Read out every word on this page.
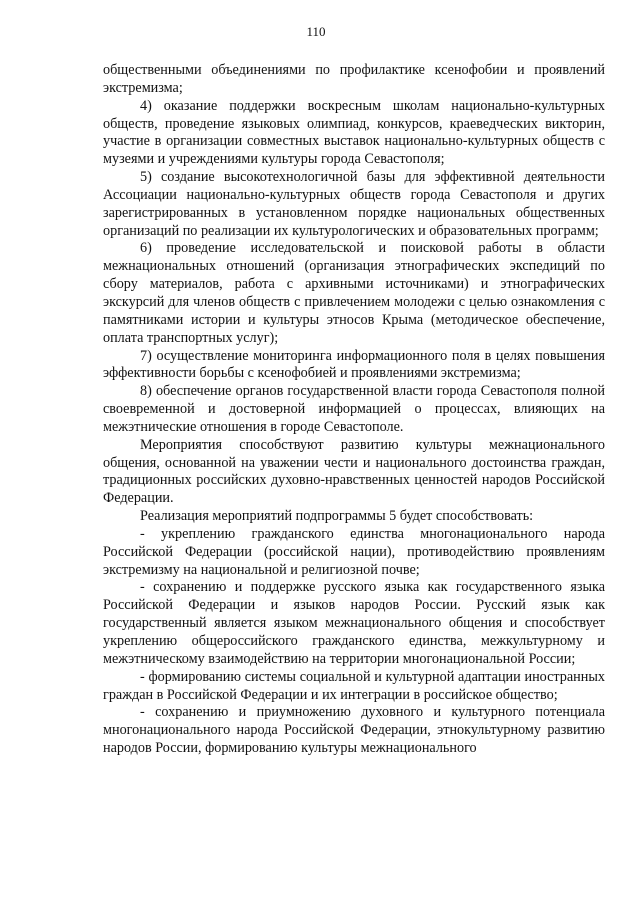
110

общественными объединениями по профилактике ксенофобии и проявлений экстремизма;

4) оказание поддержки воскресным школам национально-культурных обществ, проведение языковых олимпиад, конкурсов, краеведческих викторин, участие в организации совместных выставок национально-культурных обществ с музеями и учреждениями культуры города Севастополя;

5) создание высокотехнологичной базы для эффективной деятельности Ассоциации национально-культурных обществ города Севастополя и других зарегистрированных в установленном порядке национальных общественных организаций по реализации их культурологических и образовательных программ;

6) проведение исследовательской и поисковой работы в области межнациональных отношений (организация этнографических экспедиций по сбору материалов, работа с архивными источниками) и этнографических экскурсий для членов обществ с привлечением молодежи с целью ознакомления с памятниками истории и культуры этносов Крыма (методическое обеспечение, оплата транспортных услуг);

7) осуществление мониторинга информационного поля в целях повышения эффективности борьбы с ксенофобией и проявлениями экстремизма;

8) обеспечение органов государственной власти города Севастополя полной своевременной и достоверной информацией о процессах, влияющих на межэтнические отношения в городе Севастополе.

Мероприятия способствуют развитию культуры межнационального общения, основанной на уважении чести и национального достоинства граждан, традиционных российских духовно-нравственных ценностей народов Российской Федерации.

Реализация мероприятий подпрограммы 5 будет способствовать:

- укреплению гражданского единства многонационального народа Российской Федерации (российской нации), противодействию проявлениям экстремизму на национальной и религиозной почве;

- сохранению и поддержке русского языка как государственного языка Российской Федерации и языков народов России. Русский язык как государственный является языком межнационального общения и способствует укреплению общероссийского гражданского единства, межкультурному и межэтническому взаимодействию на территории многонациональной России;

- формированию системы социальной и культурной адаптации иностранных граждан в Российской Федерации и их интеграции в российское общество;

- сохранению и приумножению духовного и культурного потенциала многонационального народа Российской Федерации, этнокультурному развитию народов России, формированию культуры межнационального
